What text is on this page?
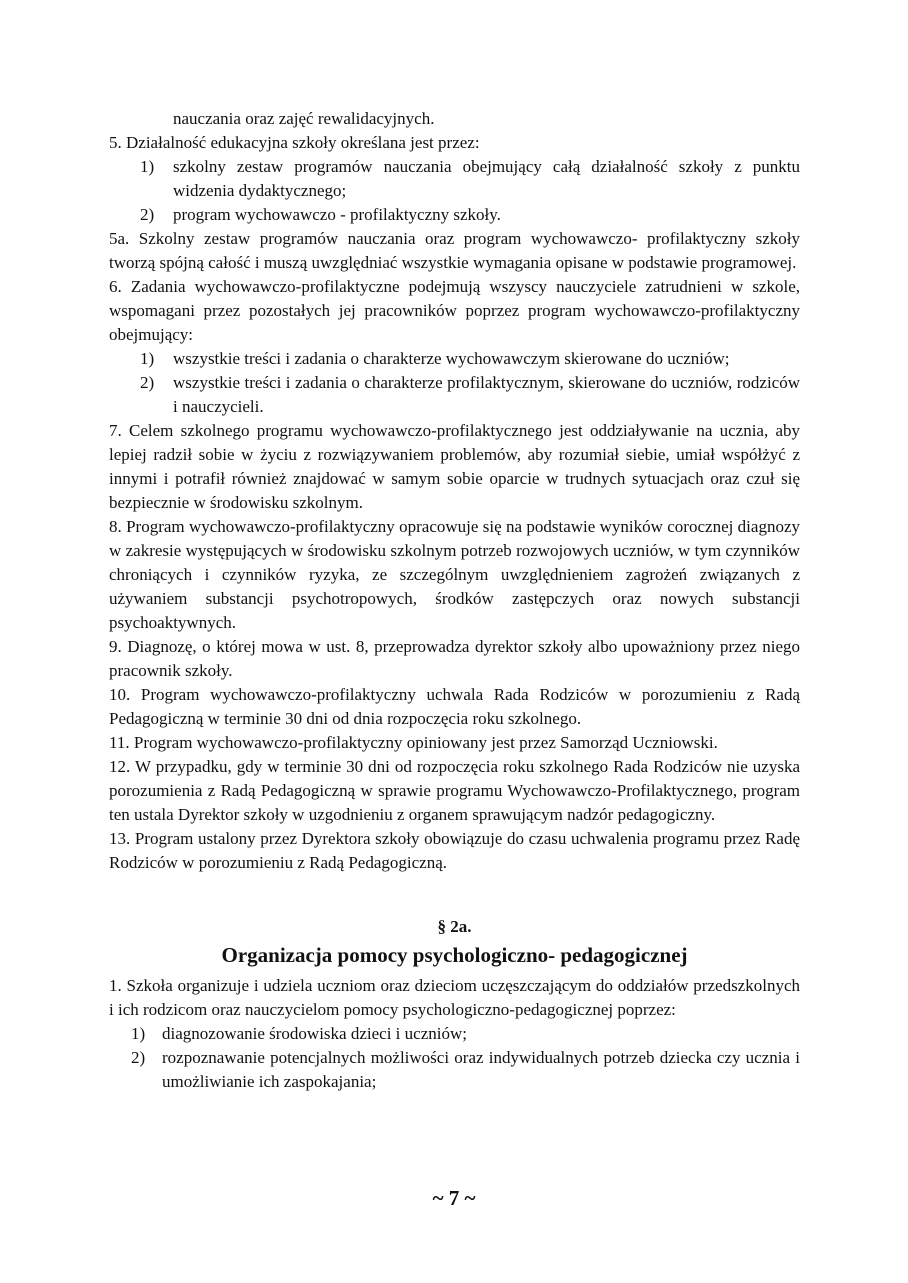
nauczania oraz zajęć rewalidacyjnych.
5. Działalność edukacyjna szkoły określana jest przez:
1) szkolny zestaw programów nauczania obejmujący całą działalność szkoły z punktu widzenia dydaktycznego;
2) program wychowawczo - profilaktyczny szkoły.
5a. Szkolny zestaw programów nauczania oraz program wychowawczo- profilaktyczny szkoły tworzą spójną całość i muszą uwzględniać wszystkie wymagania opisane w podstawie programowej.
6. Zadania wychowawczo-profilaktyczne podejmują wszyscy nauczyciele zatrudnieni w szkole, wspomagani przez pozostałych jej pracowników poprzez program wychowawczo-profilaktyczny obejmujący:
1) wszystkie treści i zadania o charakterze wychowawczym skierowane do uczniów;
2) wszystkie treści i zadania o charakterze profilaktycznym, skierowane do uczniów, rodziców i nauczycieli.
7. Celem szkolnego programu wychowawczo-profilaktycznego jest oddziaływanie na ucznia, aby lepiej radził sobie w życiu z rozwiązywaniem problemów, aby rozumiał siebie, umiał współżyć z innymi i potrafił również znajdować w samym sobie oparcie w trudnych sytuacjach oraz czuł się bezpiecznie w środowisku szkolnym.
8. Program wychowawczo-profilaktyczny opracowuje się na podstawie wyników corocznej diagnozy w zakresie występujących w środowisku szkolnym potrzeb rozwojowych uczniów, w tym czynników chroniących i czynników ryzyka, ze szczególnym uwzględnieniem zagrożeń związanych z używaniem substancji psychotropowych, środków zastępczych oraz nowych substancji psychoaktywnych.
9. Diagnozę, o której mowa w ust. 8, przeprowadza dyrektor szkoły albo upoważniony przez niego pracownik szkoły.
10. Program wychowawczo-profilaktyczny uchwala Rada Rodziców w porozumieniu z Radą Pedagogiczną w terminie 30 dni od dnia rozpoczęcia roku szkolnego.
11. Program wychowawczo-profilaktyczny opiniowany jest przez Samorząd Uczniowski.
12. W przypadku, gdy w terminie 30 dni od rozpoczęcia roku szkolnego Rada Rodziców nie uzyska porozumienia z Radą Pedagogiczną w sprawie programu Wychowawczo-Profilaktycznego, program ten ustala Dyrektor szkoły w uzgodnieniu z organem sprawującym nadzór pedagogiczny.
13. Program ustalony przez Dyrektora szkoły obowiązuje do czasu uchwalenia programu przez Radę Rodziców w porozumieniu z Radą Pedagogiczną.
§ 2a.
Organizacja pomocy psychologiczno- pedagogicznej
1. Szkoła organizuje i udziela uczniom oraz dzieciom uczęszczającym do oddziałów przedszkolnych i ich rodzicom oraz nauczycielom pomocy psychologiczno-pedagogicznej poprzez:
1) diagnozowanie środowiska dzieci i uczniów;
2) rozpoznawanie potencjalnych możliwości oraz indywidualnych potrzeb dziecka czy ucznia i umożliwianie ich zaspokajania;
~ 7 ~
